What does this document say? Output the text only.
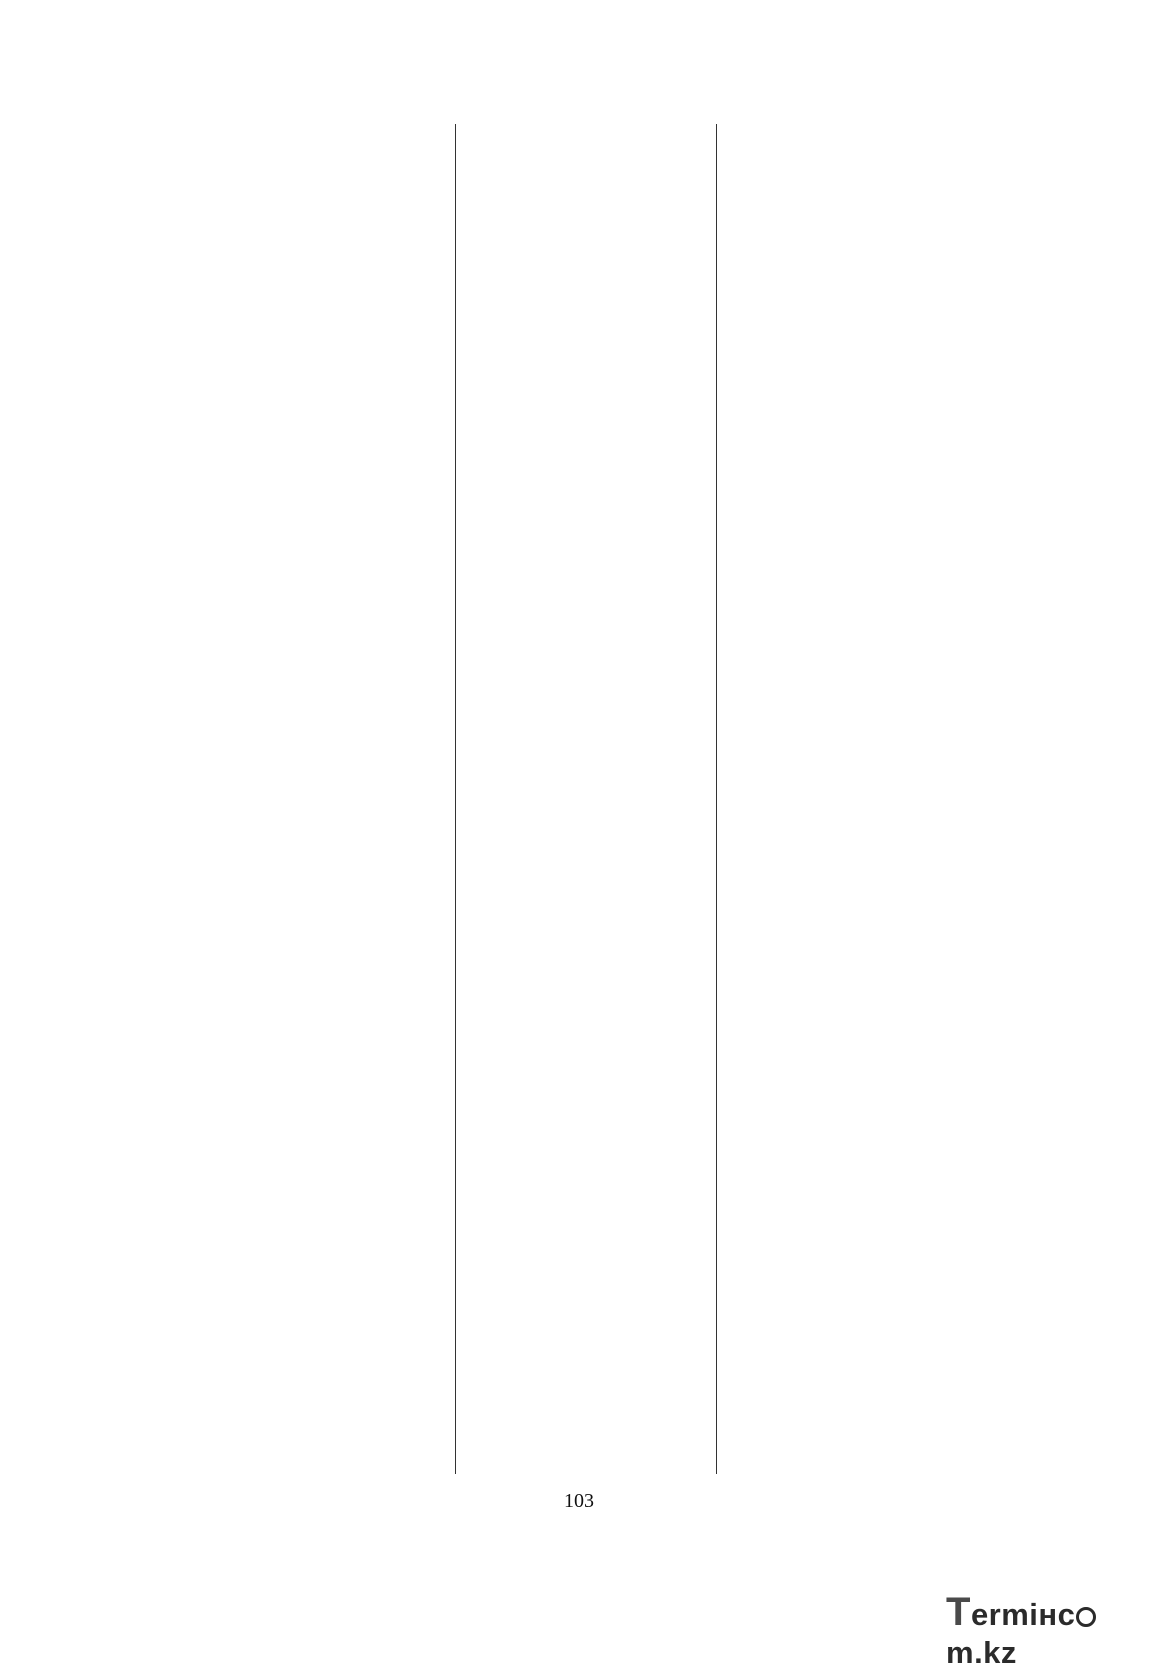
103
Termінcm.kz
